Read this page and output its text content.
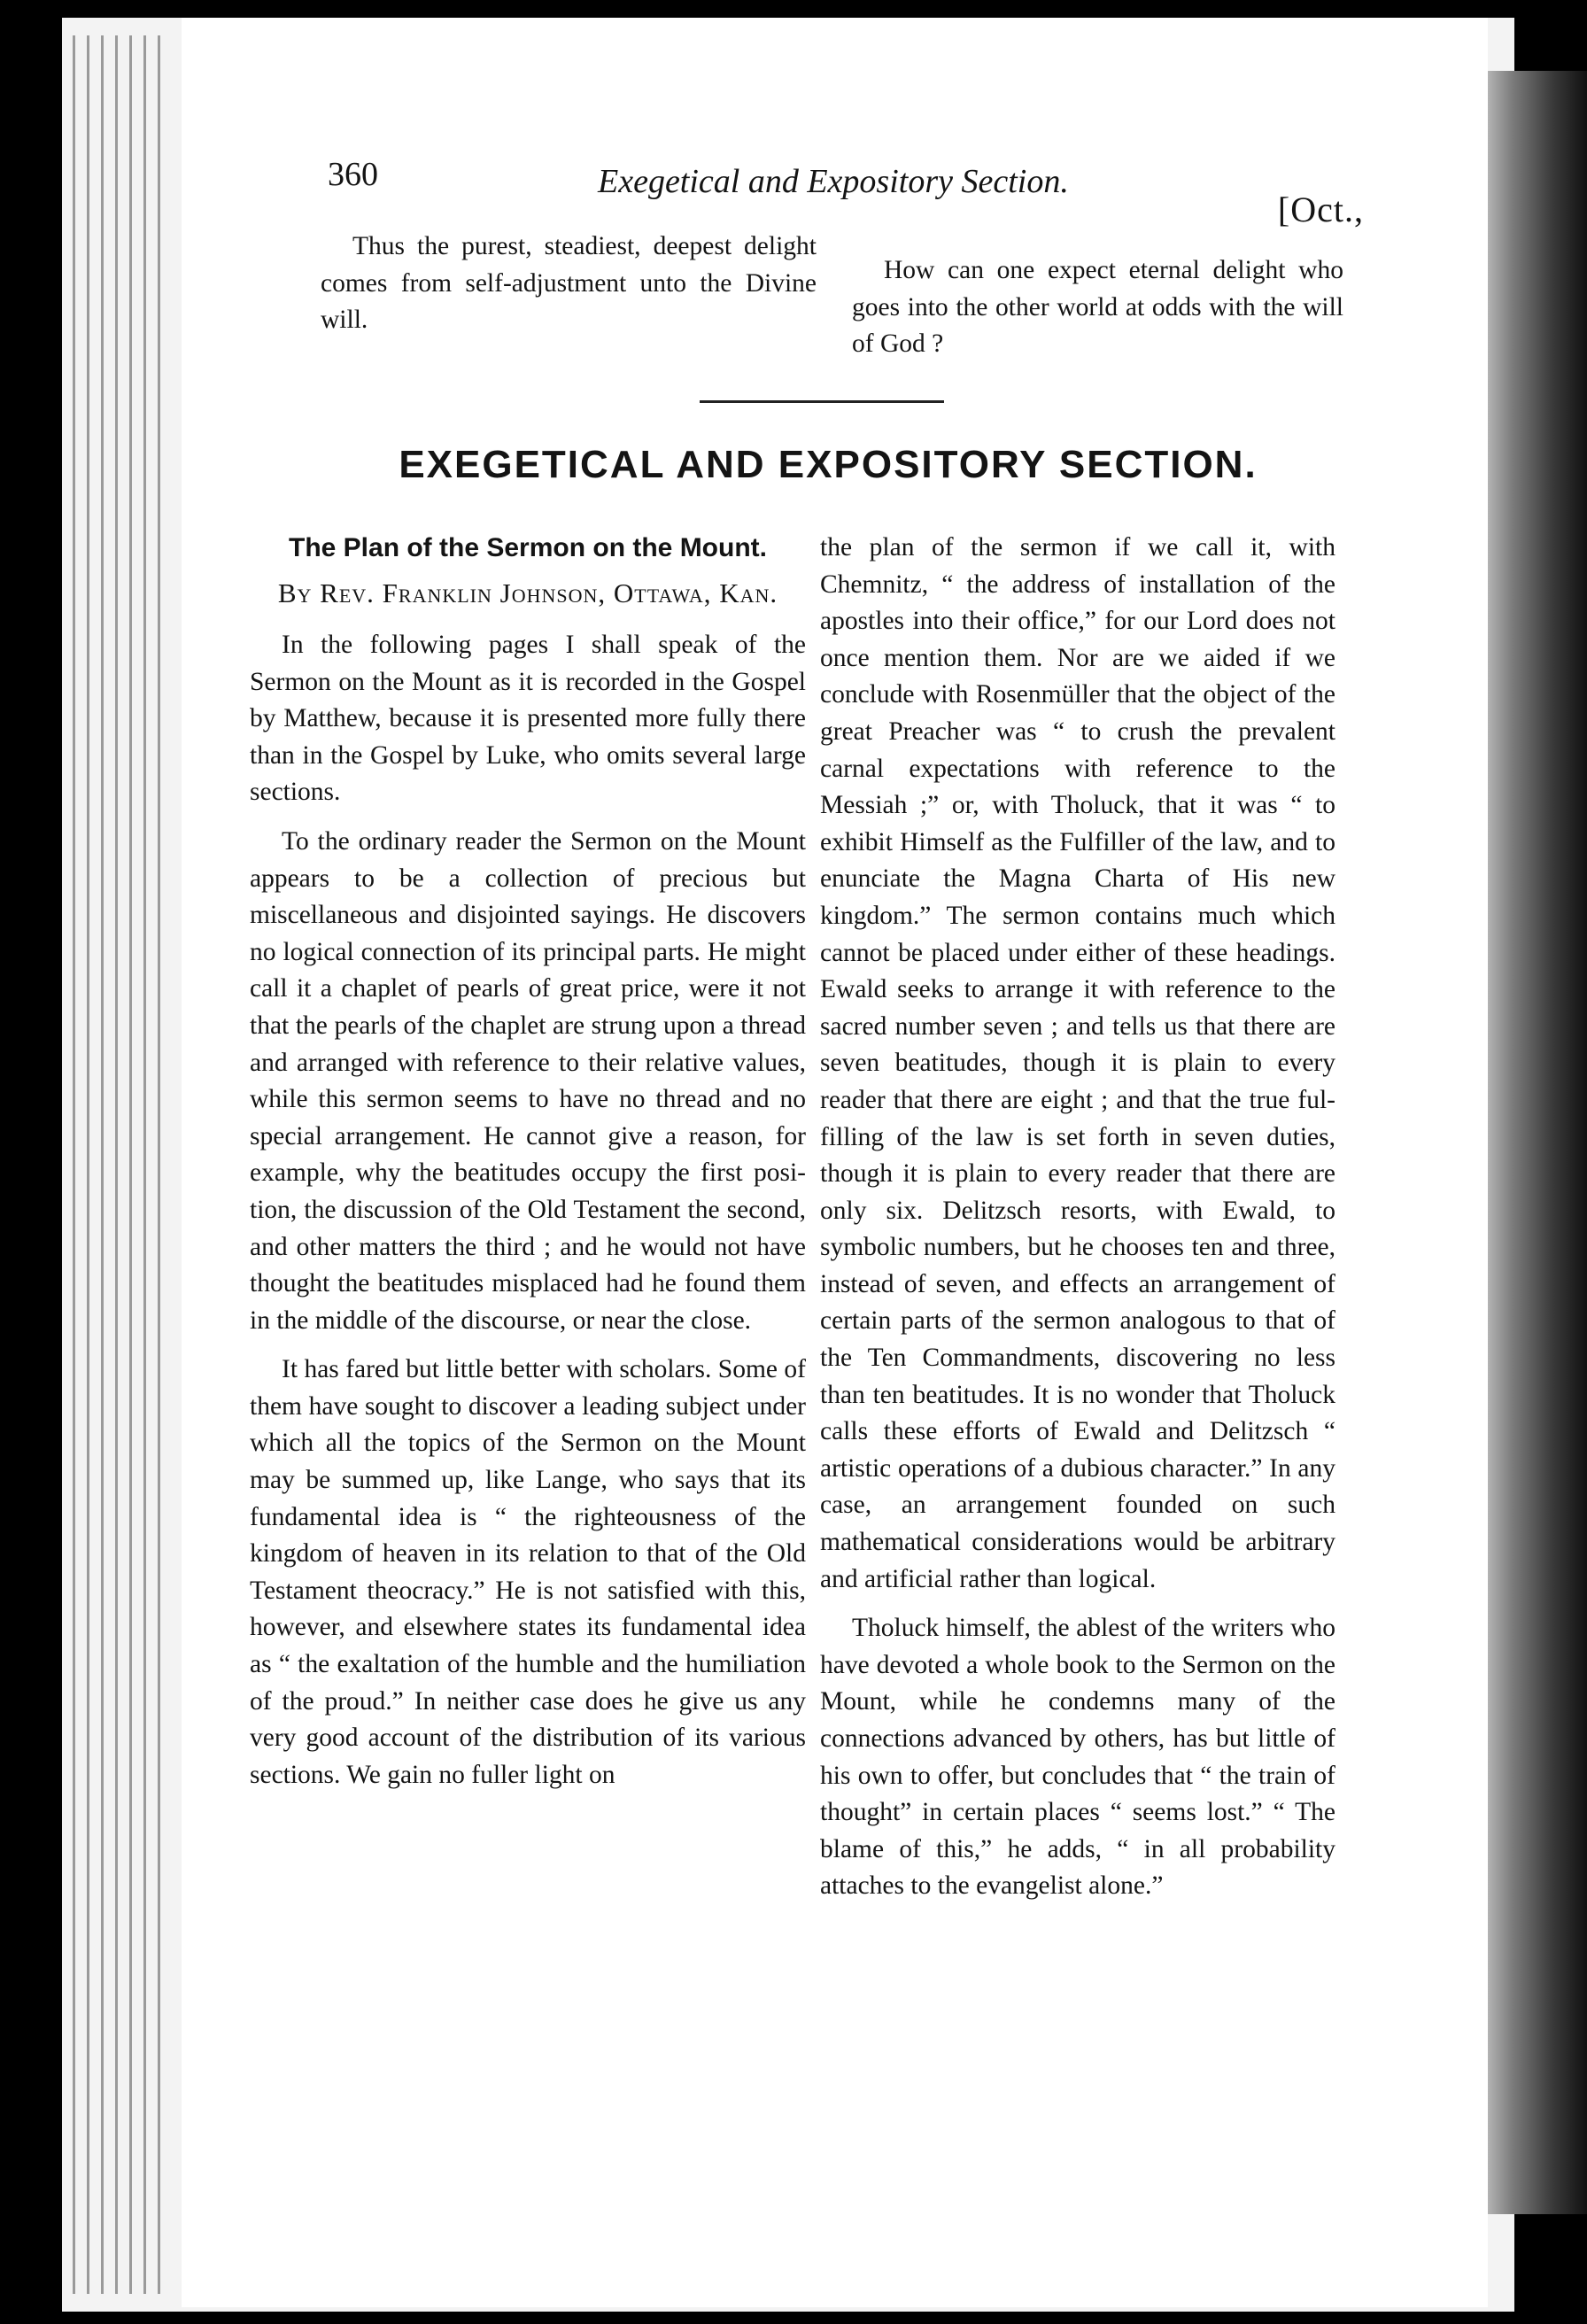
360	Exegetical and Expository Section.
[Oct.,

Thus the purest, steadiest, deepest delight comes from self-adjustment unto the Divine will.

How can one expect eternal delight who goes into the other world at odds with the will of God ?

EXEGETICAL AND EXPOSITORY SECTION.
The Plan of the Sermon on the Mount.
By Rev. Franklin Johnson, Ottawa, Kan.

In the following pages I shall speak of the Sermon on the Mount as it is recorded in the Gospel by Matthew, because it is presented more fully there than in the Gospel by Luke, who omits several large sections.

To the ordinary reader the Sermon on the Mount appears to be a collection of precious but miscellaneous and disjointed sayings. He discovers no logical connection of its principal parts. He might call it a chaplet of pearls of great price, were it not that the pearls of the chaplet are strung upon a thread and arranged with reference to their relative values, while this sermon seems to have no thread and no special arrangement. He cannot give a reason, for example, why the beatitudes occupy the first position, the discussion of the Old Testament the second, and other matters the third ; and he would not have thought the beatitudes misplaced had he found them in the middle of the discourse, or near the close.

It has fared but little better with scholars. Some of them have sought to discover a leading subject under which all the topics of the Sermon on the Mount may be summed up, like Lange, who says that its fundamental idea is “ the righteousness of the kingdom of heaven in its relation to that of the Old Testament theocracy.” He is not satisfied with this, however, and elsewhere states its fundamental idea as “ the exaltation of the humble and the humiliation of the proud.” In neither case does he give us any very good account of the distribution of its various sections. We gain no fuller light on

the plan of the sermon if we call it, with Chemnitz, “ the address of installation of the apostles into their office,” for our Lord does not once mention them. Nor are we aided if we conclude with Rosenmüller that the object of the great Preacher was “ to crush the prevalent carnal expectations with reference to the Messiah ;” or, with Tholuck, that it was “ to exhibit Himself as the Fulfiller of the law, and to enunciate the Magna Charta of His new kingdom.” The sermon contains much which cannot be placed under either of these headings. Ewald seeks to arrange it with reference to the sacred number seven ; and tells us that there are seven beatitudes, though it is plain to every reader that there are eight ; and that the true fulfilling of the law is set forth in seven duties, though it is plain to every reader that there are only six. Delitzsch resorts, with Ewald, to symbolic numbers, but he chooses ten and three, instead of seven, and effects an arrangement of certain parts of the sermon analogous to that of the Ten Commandments, discovering no less than ten beatitudes. It is no wonder that Tholuck calls these efforts of Ewald and Delitzsch “ artistic operations of a dubious character.” In any case, an arrangement founded on such mathematical considerations would be arbitrary and artificial rather than logical.

Tholuck himself, the ablest of the writers who have devoted a whole book to the Sermon on the Mount, while he condemns many of the connections advanced by others, has but little of his own to offer, but concludes that “ the train of thought” in certain places “ seems lost.” “ The blame of this,” he adds, “ in all probability attaches to the evangelist alone.”
